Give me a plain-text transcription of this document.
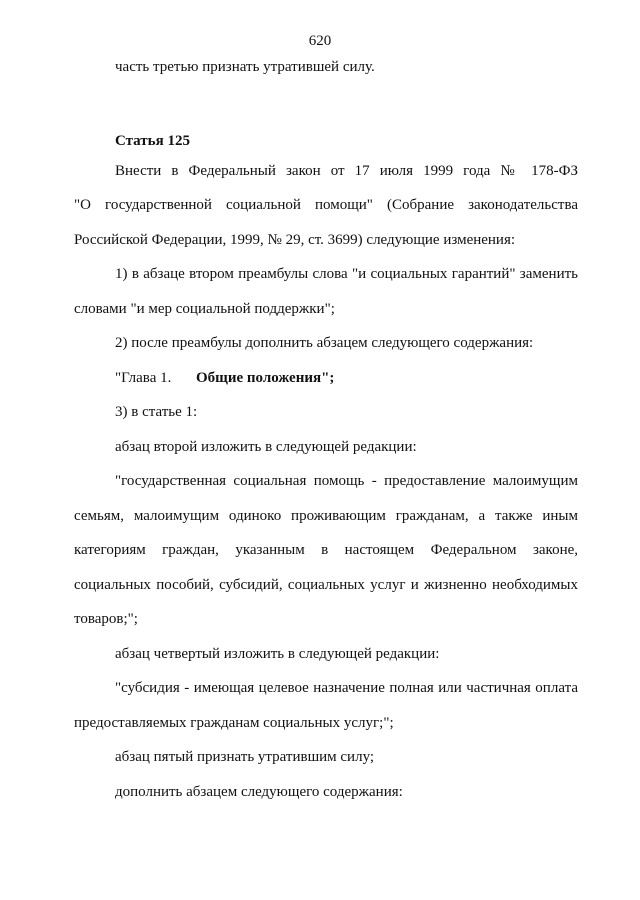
620
часть третью признать утратившей силу.
Статья 125
Внести в Федеральный закон от 17 июля 1999 года № 178-ФЗ
"О государственной социальной помощи" (Собрание законодательства
Российской Федерации, 1999, № 29, ст. 3699) следующие изменения:
1) в абзаце втором преамбулы слова "и социальных гарантий" заменить
словами "и мер социальной поддержки";
2) после преамбулы дополнить абзацем следующего содержания:
"Глава 1. Общие положения";
3) в статье 1:
абзац второй изложить в следующей редакции:
"государственная социальная помощь - предоставление малоимущим
семьям, малоимущим одиноко проживающим гражданам, а также иным
категориям граждан, указанным в настоящем Федеральном законе,
социальных пособий, субсидий, социальных услуг и жизненно необходимых
товаров;";
абзац четвертый изложить в следующей редакции:
"субсидия - имеющая целевое назначение полная или частичная оплата
предоставляемых гражданам социальных услуг;";
абзац пятый признать утратившим силу;
дополнить абзацем следующего содержания:
